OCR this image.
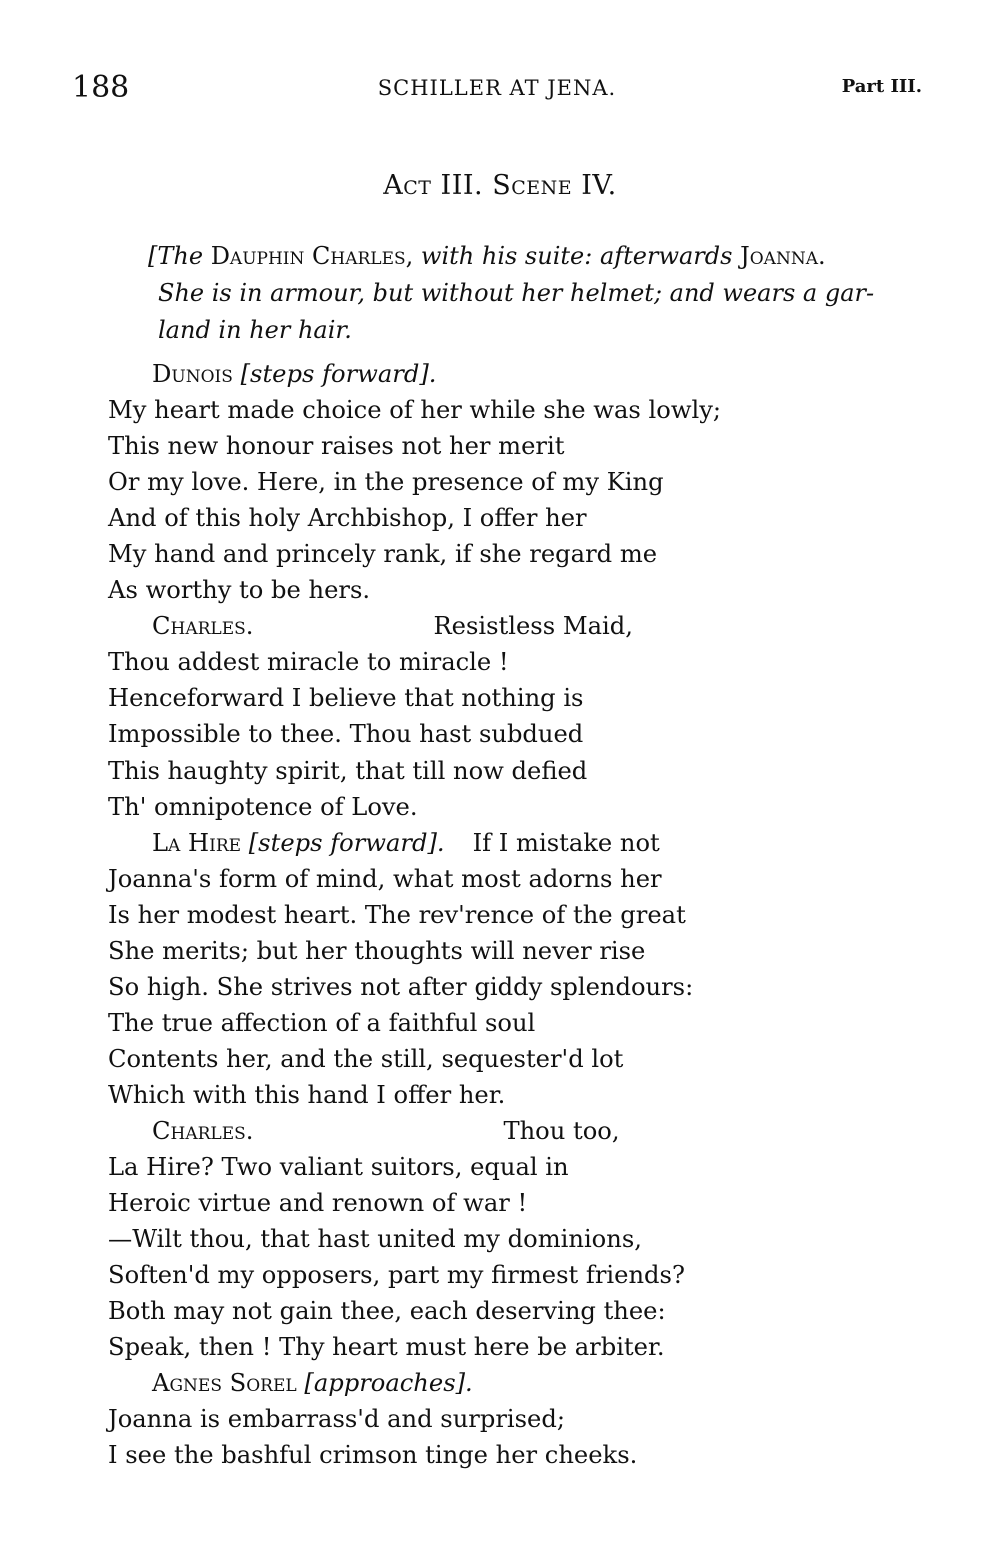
188	SCHILLER AT JENA.	Part III.
Act III. Scene IV.
[The Dauphin Charles, with his suite: afterwards Joanna.
She is in armour, but without her helmet; and wears a gar-
land in her hair.
Dunois [steps forward].
My heart made choice of her while she was lowly;
This new honour raises not her merit
Or my love. Here, in the presence of my King
And of this holy Archbishop, I offer her
My hand and princely rank, if she regard me
As worthy to be hers.
Charles.	Resistless Maid,
Thou addest miracle to miracle !
Henceforward I believe that nothing is
Impossible to thee. Thou hast subdued
This haughty spirit, that till now defied
Th' omnipotence of Love.
La Hire [steps forward]. If I mistake not
Joanna's form of mind, what most adorns her
Is her modest heart. The rev'rence of the great
She merits; but her thoughts will never rise
So high. She strives not after giddy splendours:
The true affection of a faithful soul
Contents her, and the still, sequester'd lot
Which with this hand I offer her.
Charles.	Thou too,
La Hire? Two valiant suitors, equal in
Heroic virtue and renown of war !
—Wilt thou, that hast united my dominions,
Soften'd my opposers, part my firmest friends?
Both may not gain thee, each deserving thee:
Speak, then ! Thy heart must here be arbiter.
Agnes Sorel [approaches].
Joanna is embarrass'd and surprised;
I see the bashful crimson tinge her cheeks.
